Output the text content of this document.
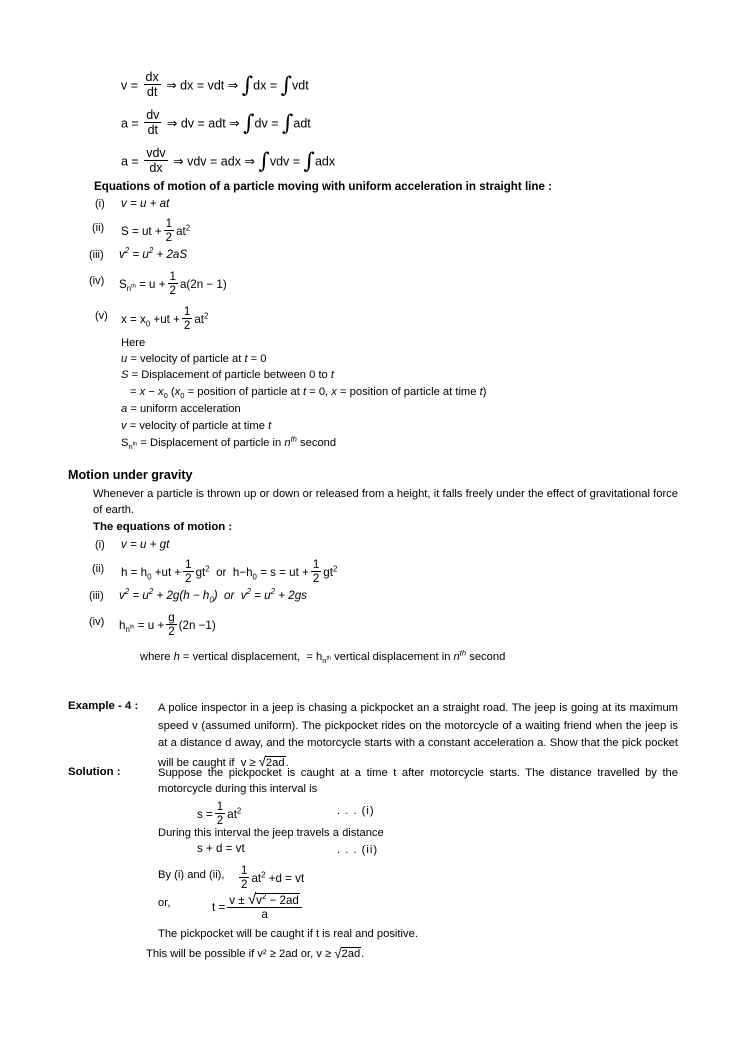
$v = \frac{dx}{dt}$ ⇒ dx = vdt ⇒ ∫dx = ∫vdt
$a = \frac{dv}{dt}$ ⇒ dv = adt ⇒ ∫dv = ∫adt
$a = \frac{\text{vdv}}{dx}$ ⇒ vdv = adx ⇒ ∫vdv = ∫adx
Equations of motion of a particle moving with uniform acceleration in straight line :
(i) v = u + at
(ii) S = ut + $\frac{1}{2} at^2$
(iii) $v^2 = u^2 + 2aS$
(iv) $S_{n^{th}} = u + \frac{1}{2} a(2n - 1)$
(v) $x = x_0 +ut + \frac{1}{2} at^2$
Here
u = velocity of particle at t = 0
S = Displacement of particle between 0 to t
= $x - x_0$ ($x_0$ = position of particle at t = 0, x = position of particle at time t)
a = uniform acceleration
v = velocity of particle at time t
$S_{n^{th}}$ = Displacement of particle in $n^{th}$ second
Motion under gravity
Whenever a particle is thrown up or down or released from a height, it falls freely under the effect of gravitational force of earth.
The equations of motion :
(i) v = u + gt
(ii) $h = h_0 +ut + \frac{1}{2} gt^2$  or  $h-h_0 = s$ = ut + $\frac{1}{2} gt^2$
(iii) $v^2 = u^2 + 2g(h - h_0)$  or  $v^2 = u^2 + 2gs$
(iv) $h_{n^{th}} = u + \frac{g}{2} (2n -1)$
where h = vertical displacement,  = $h_{n^{th}}$ vertical displacement in $n^{th}$ second
Example - 4 : A police inspector in a jeep is chasing a pickpocket an a straight road. The jeep is going at its maximum speed v (assumed uniform). The pickpocket rides on the motorcycle of a waiting friend when the jeep is at a distance d away, and the motorcycle starts with a constant acceleration a. Show that the pick pocket will be caught if  v ≥ √2ad.
Solution :	Suppose the pickpocket is caught at a time t after motorcycle starts. The distance travelled by the motorcycle during this interval is
$s = \frac{1}{2} at^2$	. . . (i)
During this interval the jeep travels a distance
s + d = vt	. . . (ii)
By (i) and (ii), $\frac{1}{2} at^2 +d$ = vt
or,	$t = \frac{v \pm √v^2 - 2ad}{a}$
The pickpocket will be caught if t is real and positive.
This will be possible if v² ≥ 2ad or, v ≥ √2ad.
